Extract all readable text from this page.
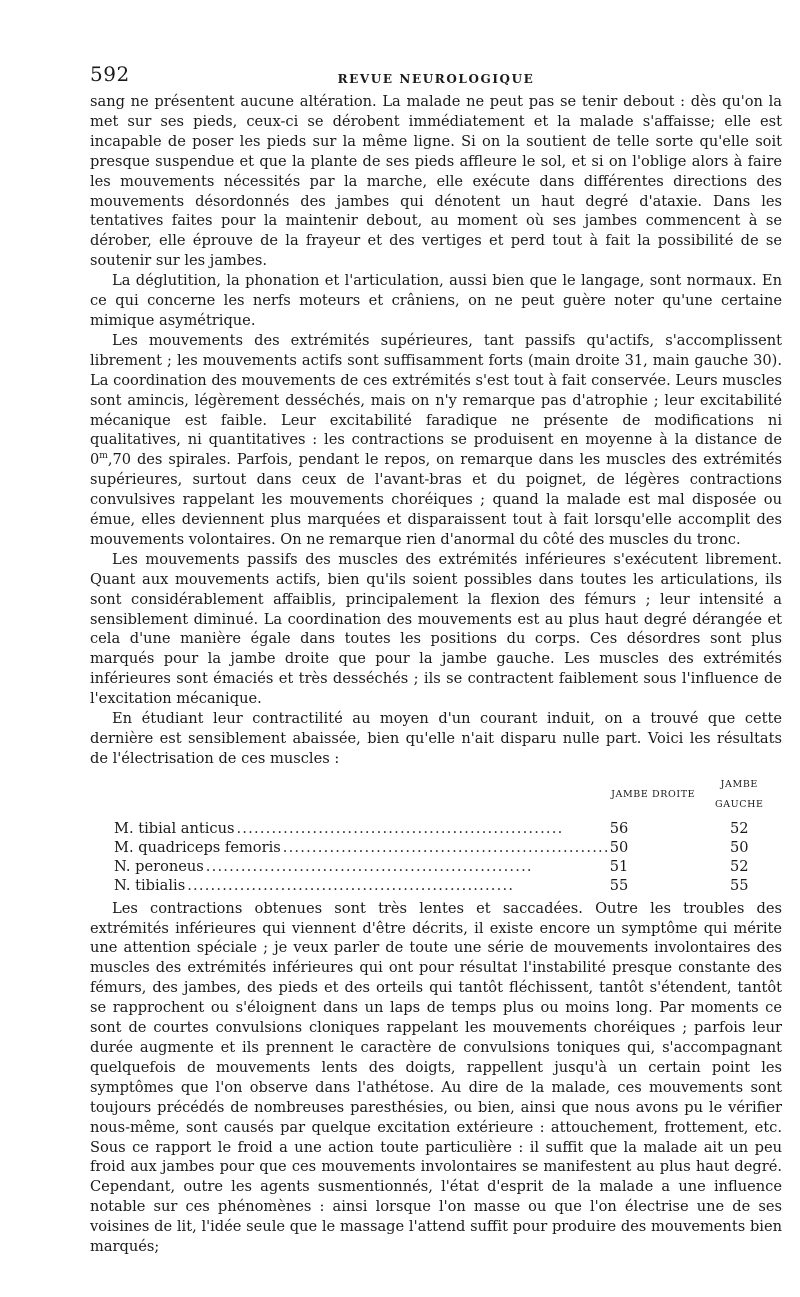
592	REVUE NEUROLOGIQUE

sang ne présentent aucune altération. La malade ne peut pas se tenir debout : dès qu'on la met sur ses pieds, ceux-ci se dérobent immédiatement et la malade s'affaisse; elle est incapable de poser les pieds sur la même ligne. Si on la soutient de telle sorte qu'elle soit presque suspendue et que la plante de ses pieds affleure le sol, et si on l'oblige alors à faire les mouvements nécessités par la marche, elle exécute dans différentes directions des mouvements désordonnés des jambes qui dénotent un haut degré d'ataxie. Dans les tentatives faites pour la maintenir debout, au moment où ses jambes commencent à se dérober, elle éprouve de la frayeur et des vertiges et perd tout à fait la possibilité de se soutenir sur les jambes.

La déglutition, la phonation et l'articulation, aussi bien que le langage, sont normaux. En ce qui concerne les nerfs moteurs et crâniens, on ne peut guère noter qu'une certaine mimique asymétrique.

Les mouvements des extrémités supérieures, tant passifs qu'actifs, s'accomplissent librement ; les mouvements actifs sont suffisamment forts (main droite 31, main gauche 30). La coordination des mouvements de ces extrémités s'est tout à fait conservée. Leurs muscles sont amincis, légèrement desséchés, mais on n'y remarque pas d'atrophie ; leur excitabilité mécanique est faible. Leur excitabilité faradique ne présente de modifications ni qualitatives, ni quantitatives : les contractions se produisent en moyenne à la distance de 0$^m$,70 des spirales. Parfois, pendant le repos, on remarque dans les muscles des extrémités supérieures, surtout dans ceux de l'avant-bras et du poignet, de légères contractions convulsives rappelant les mouvements choréiques ; quand la malade est mal disposée ou émue, elles deviennent plus marquées et disparaissent tout à fait lorsqu'elle accomplit des mouvements volontaires. On ne remarque rien d'anormal du côté des muscles du tronc.

Les mouvements passifs des muscles des extrémités inférieures s'exécutent librement. Quant aux mouvements actifs, bien qu'ils soient possibles dans toutes les articulations, ils sont considérablement affaiblis, principalement la flexion des fémurs ; leur intensité a sensiblement diminué. La coordination des mouvements est au plus haut degré dérangée et cela d'une manière égale dans toutes les positions du corps. Ces désordres sont plus marqués pour la jambe droite que pour la jambe gauche. Les muscles des extrémités inférieures sont émaciés et très desséchés ; ils se contractent faiblement sous l'influence de l'excitation mécanique.

En étudiant leur contractilité au moyen d'un courant induit, on a trouvé que cette dernière est sensiblement abaissée, bien qu'elle n'ait disparu nulle part. Voici les résultats de l'électrisation de ces muscles :

	JAMBE DROITE	JAMBE GAUCHE
M. tibial anticus ........................................................	56	52
M. quadriceps femoris ........................................................	50	50
N. peroneus ........................................................	51	52
N. tibialis ........................................................	55	55

Les contractions obtenues sont très lentes et saccadées. Outre les troubles des extrémités inférieures qui viennent d'être décrits, il existe encore un symptôme qui mérite une attention spéciale ; je veux parler de toute une série de mouvements involontaires des muscles des extrémités inférieures qui ont pour résultat l'instabilité presque constante des fémurs, des jambes, des pieds et des orteils qui tantôt fléchissent, tantôt s'étendent, tantôt se rapprochent ou s'éloignent dans un laps de temps plus ou moins long. Par moments ce sont de courtes convulsions cloniques rappelant les mouvements choréiques ; parfois leur durée augmente et ils prennent le caractère de convulsions toniques qui, s'accompagnant quelquefois de mouvements lents des doigts, rappellent jusqu'à un certain point les symptômes que l'on observe dans l'athétose. Au dire de la malade, ces mouvements sont toujours précédés de nombreuses paresthésies, ou bien, ainsi que nous avons pu le vérifier nous-même, sont causés par quelque excitation extérieure : attouchement, frottement, etc. Sous ce rapport le froid a une action toute particulière : il suffit que la malade ait un peu froid aux jambes pour que ces mouvements involontaires se manifestent au plus haut degré. Cependant, outre les agents susmentionnés, l'état d'esprit de la malade a une influence notable sur ces phénomènes : ainsi lorsque l'on masse ou que l'on électrise une de ses voisines de lit, l'idée seule que le massage l'attend suffit pour produire des mouvements bien marqués;
